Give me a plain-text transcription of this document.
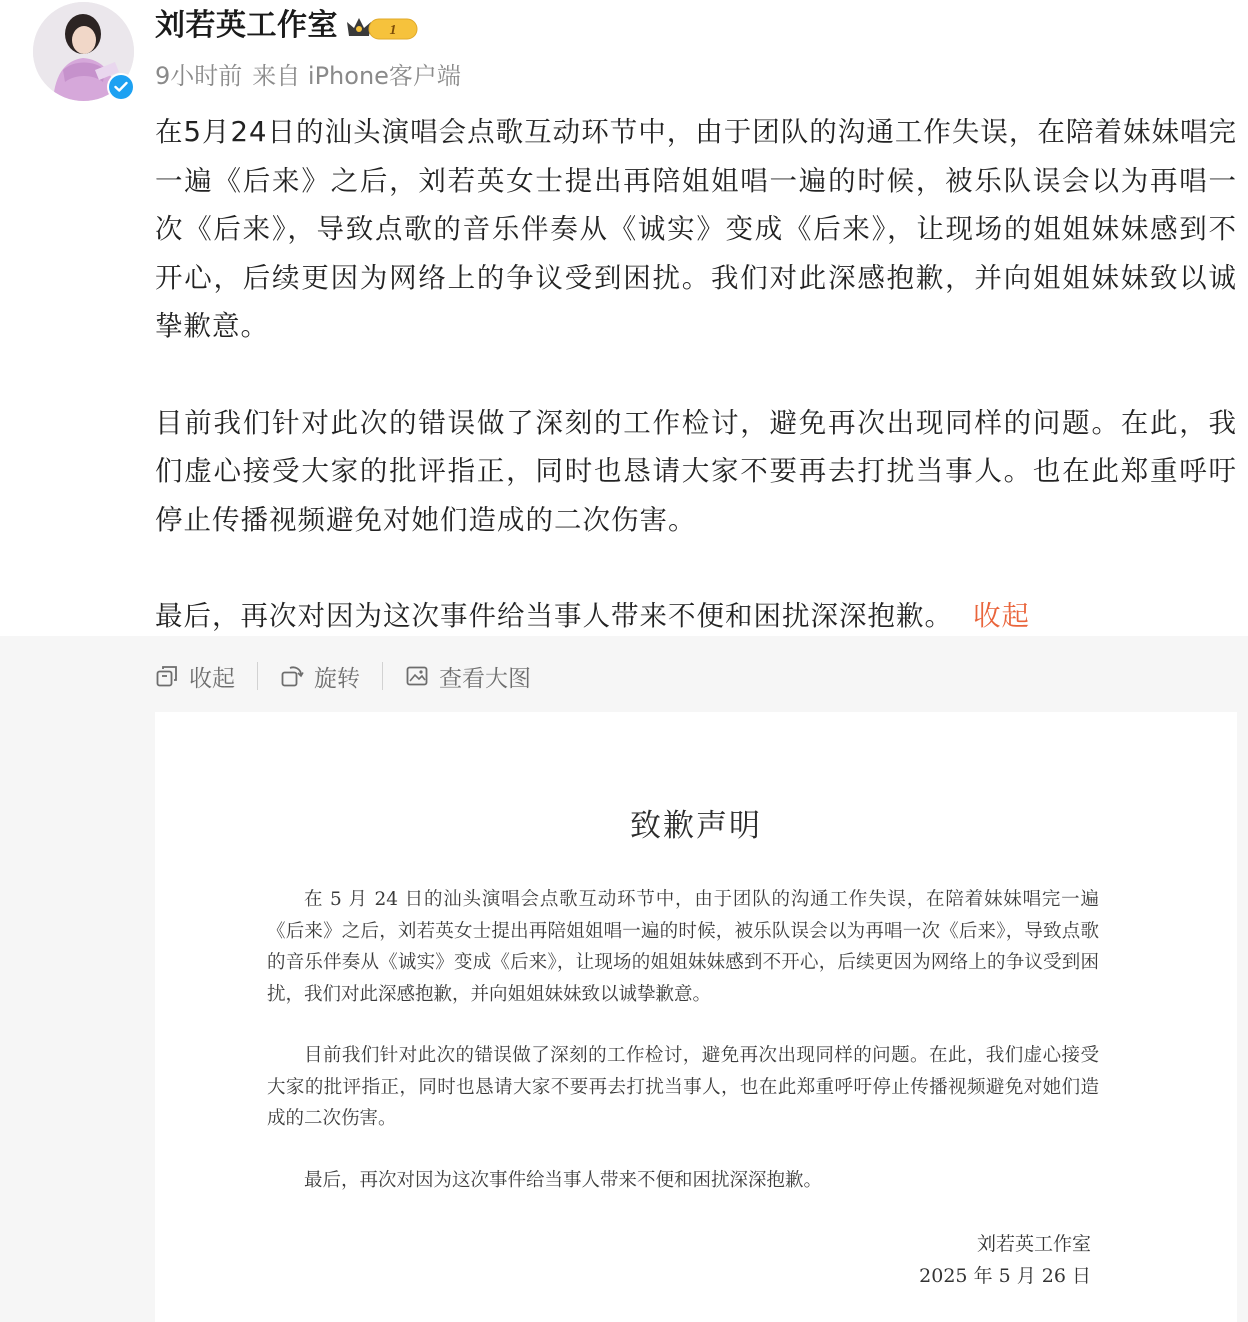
刘若英工作室	1
9小时前 来自 iPhone客户端

在5月24日的汕头演唱会点歌互动环节中，由于团队的沟通工作失误，在陪着妹妹唱完一遍《后来》之后，刘若英女士提出再陪姐姐唱一遍的时候，被乐队误会以为再唱一次《后来》，导致点歌的音乐伴奏从《诚实》变成《后来》，让现场的姐姐妹妹感到不开心，后续更因为网络上的争议受到困扰。我们对此深感抱歉，并向姐姐妹妹致以诚挚歉意。

目前我们针对此次的错误做了深刻的工作检讨，避免再次出现同样的问题。在此，我们虚心接受大家的批评指正，同时也恳请大家不要再去打扰当事人。也在此郑重呼吁停止传播视频避免对她们造成的二次伤害。

最后，再次对因为这次事件给当事人带来不便和困扰深深抱歉。 收起

收起	旋转	查看大图
致歉声明

在 5 月 24 日的汕头演唱会点歌互动环节中，由于团队的沟通工作失误，在陪着妹妹唱完一遍《后来》之后，刘若英女士提出再陪姐姐唱一遍的时候，被乐队误会以为再唱一次《后来》，导致点歌的音乐伴奏从《诚实》变成《后来》，让现场的姐姐妹妹感到不开心，后续更因为网络上的争议受到困扰，我们对此深感抱歉，并向姐姐妹妹致以诚挚歉意。

目前我们针对此次的错误做了深刻的工作检讨，避免再次出现同样的问题。在此，我们虚心接受大家的批评指正，同时也恳请大家不要再去打扰当事人，也在此郑重呼吁停止传播视频避免对她们造成的二次伤害。

最后，再次对因为这次事件给当事人带来不便和困扰深深抱歉。

刘若英工作室
2025 年 5 月 26 日
